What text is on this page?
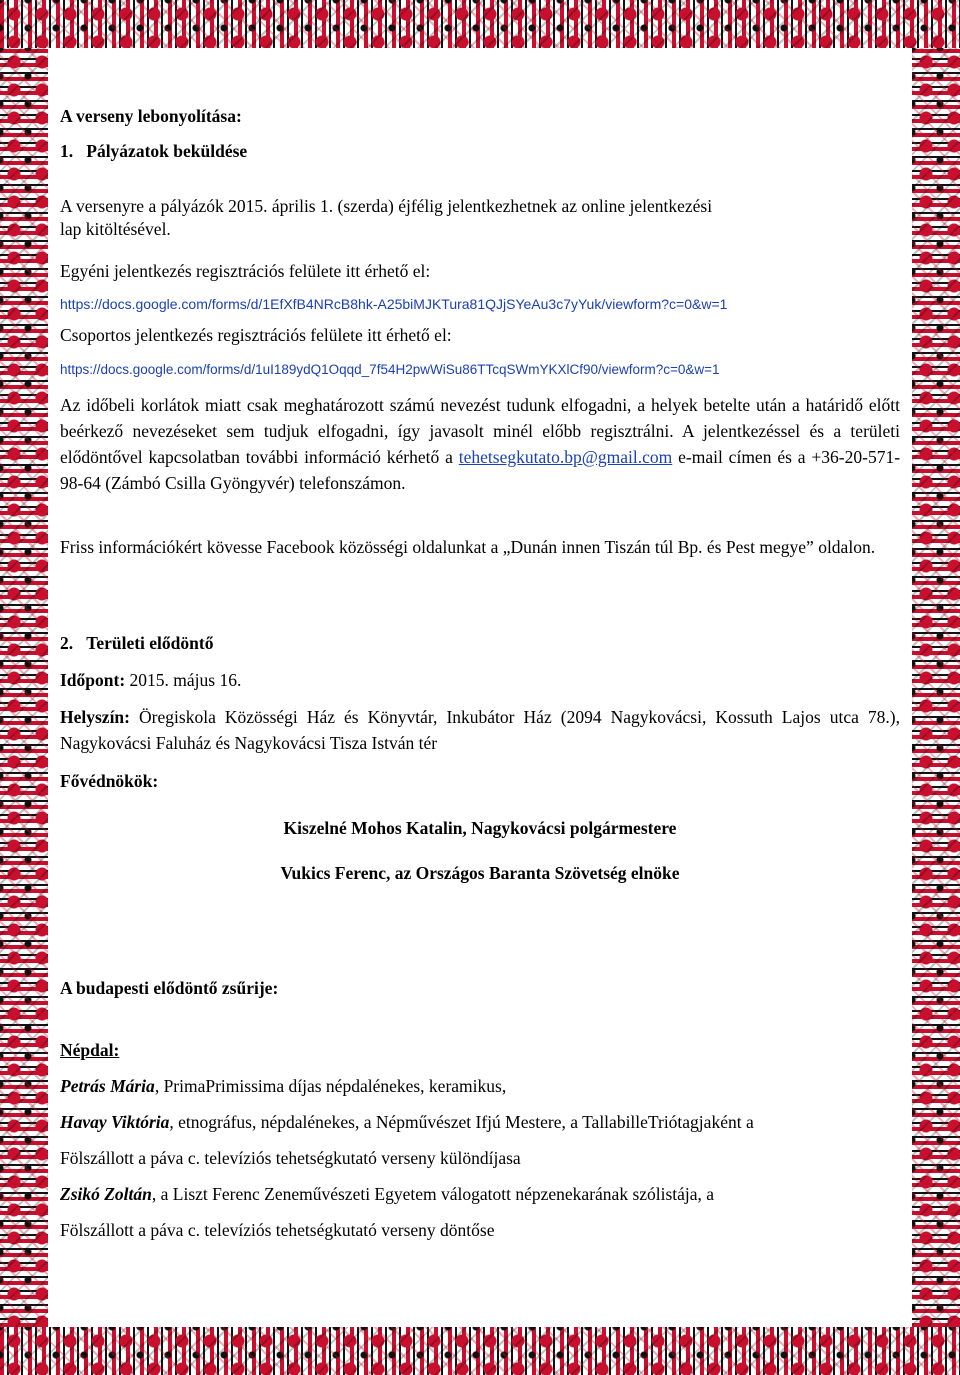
A verseny lebonyolítása:
1. Pályázatok beküldése
A versenyre a pályázók 2015. április 1. (szerda) éjfélig jelentkezhetnek az online jelentkezési
lap kitöltésével.
Egyéni jelentkezés regisztrációs felülete itt érhető el:
https://docs.google.com/forms/d/1EfXfB4NRcB8hk-A25biMJKTura81QJjSYeAu3c7yYuk/viewform?c=0&w=1
Csoportos jelentkezés regisztrációs felülete itt érhető el:
https://docs.google.com/forms/d/1uI189ydQ1Oqqd_7f54H2pwWiSu86TTcqSWmYKXlCf90/viewform?c=0&w=1
Az időbeli korlátok miatt csak meghatározott számú nevezést tudunk elfogadni, a helyek betelte után a határidő előtt beérkező nevezéseket sem tudjuk elfogadni, így javasolt minél előbb regisztrálni. A jelentkezéssel és a területi elődöntővel kapcsolatban további információ kérhető a tehetsegkutato.bp@gmail.com e-mail címen és a +36-20-571-98-64 (Zámbó Csilla Gyöngyvér) telefonszámon.
Friss információkért kövesse Facebook közösségi oldalunkat a „Dunán innen Tiszán túl Bp. és Pest megye” oldalon.
2. Területi elődöntő
Időpont: 2015. május 16.
Helyszín: Öregiskola Közösségi Ház és Könyvtár, Inkubátor Ház (2094 Nagykovácsi, Kossuth Lajos utca 78.), Nagykovácsi Faluház és Nagykovácsi Tisza István tér
Fővédnökök:
Kiszelné Mohos Katalin, Nagykovácsi polgármestere
Vukics Ferenc, az Országos Baranta Szövetség elnöke
A budapesti elődöntő zsűrije:
Népdal:
Petrás Mária, PrimaPrimissima díjas népdalénekes, keramikus,
Havay Viktória, etnográfus, népdalénekes, a Népművészet Ifjú Mestere, a TallabilleTriótagjaként a
Fölszállott a páva c. televíziós tehetségkutató verseny különdíjasa
Zsikó Zoltán, a Liszt Ferenc Zeneművészeti Egyetem válogatott népzenekarának szólistája, a
Fölszállott a páva c. televíziós tehetségkutató verseny döntőse
